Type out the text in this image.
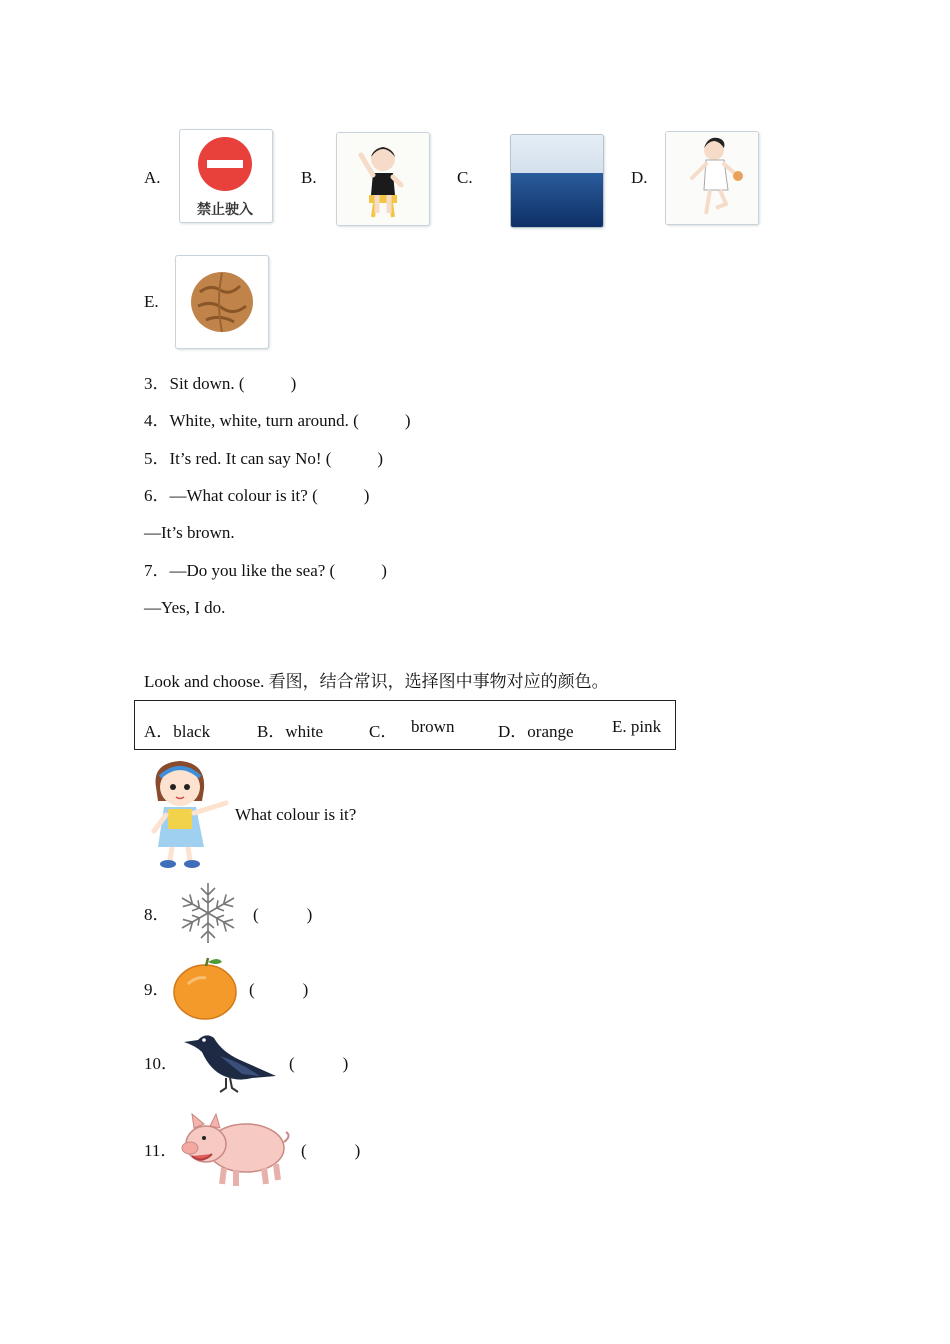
A.
禁止驶入
B.	C.	D.
E.
3．Sit down. (	)
4．White, white, turn around. (	)
5．It’s red. It can say No! (	)
6．—What colour is it? (	)
—It’s brown.
7．—Do you like the sea? (	)
—Yes, I do.
Look and choose. 看图，结合常识，选择图中事物对应的颜色。
A．black	B．white	C． brown	D．orange E. pink
What colour is it?
8．	(	)
9．	(	)
10．	(	)
11．	(	)
